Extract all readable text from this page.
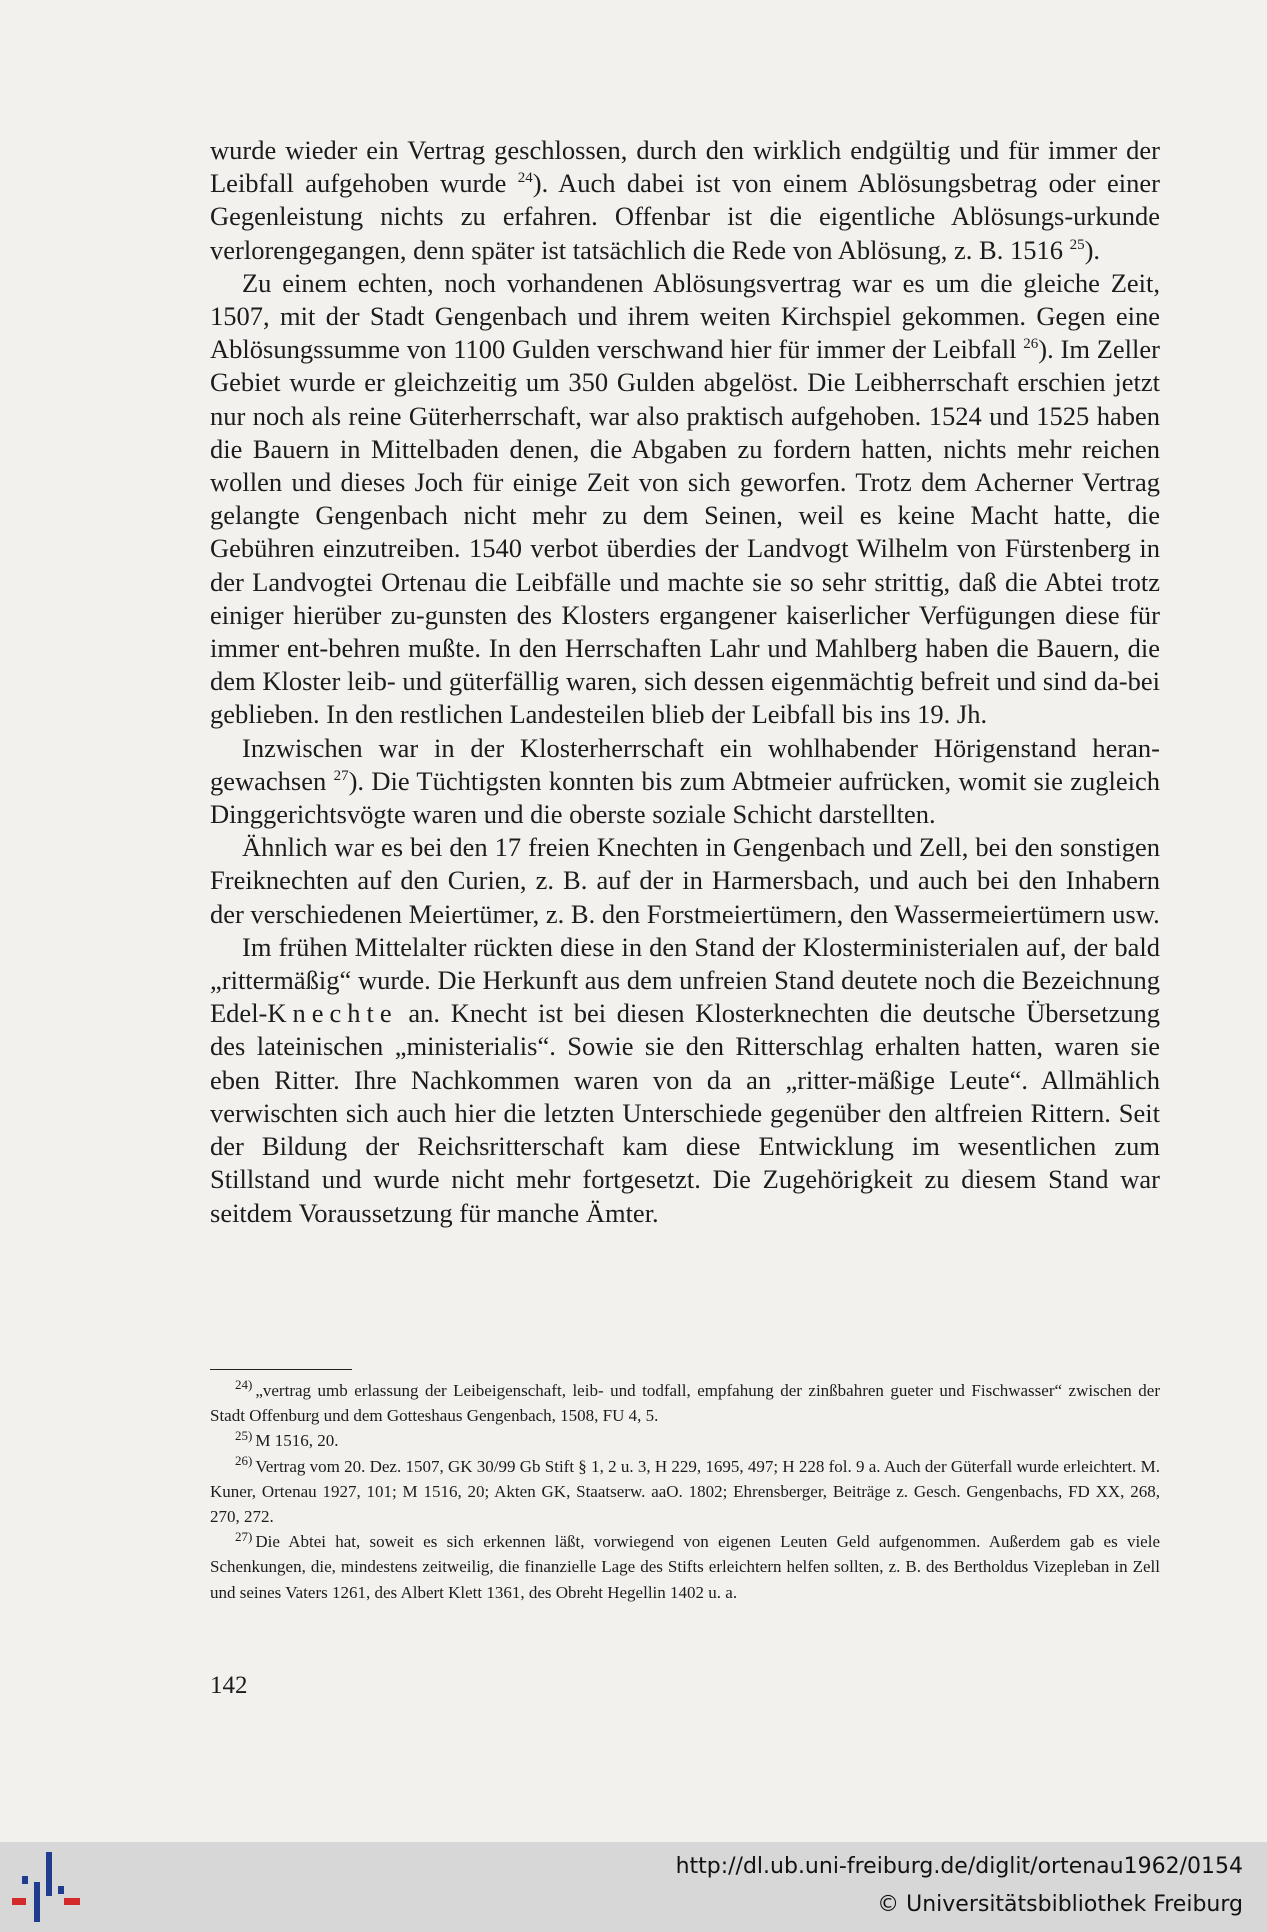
wurde wieder ein Vertrag geschlossen, durch den wirklich endgültig und für immer der Leibfall aufgehoben wurde $^{24}$). Auch dabei ist von einem Ablösungsbetrag oder einer Gegenleistung nichts zu erfahren. Offenbar ist die eigentliche Ablösungs-urkunde verlorengegangen, denn später ist tatsächlich die Rede von Ablösung, z. B. 1516 $^{25}$).

Zu einem echten, noch vorhandenen Ablösungsvertrag war es um die gleiche Zeit, 1507, mit der Stadt Gengenbach und ihrem weiten Kirchspiel gekommen. Gegen eine Ablösungssumme von 1100 Gulden verschwand hier für immer der Leibfall $^{26}$). Im Zeller Gebiet wurde er gleichzeitig um 350 Gulden abgelöst. Die Leibherrschaft erschien jetzt nur noch als reine Güterherrschaft, war also praktisch aufgehoben. 1524 und 1525 haben die Bauern in Mittelbaden denen, die Abgaben zu fordern hatten, nichts mehr reichen wollen und dieses Joch für einige Zeit von sich geworfen. Trotz dem Acherner Vertrag gelangte Gengenbach nicht mehr zu dem Seinen, weil es keine Macht hatte, die Gebühren einzutreiben. 1540 verbot überdies der Landvogt Wilhelm von Fürstenberg in der Landvogtei Ortenau die Leibfälle und machte sie so sehr strittig, daß die Abtei trotz einiger hierüber zu-gunsten des Klosters ergangener kaiserlicher Verfügungen diese für immer ent-behren mußte. In den Herrschaften Lahr und Mahlberg haben die Bauern, die dem Kloster leib- und güterfällig waren, sich dessen eigenmächtig befreit und sind da-bei geblieben. In den restlichen Landesteilen blieb der Leibfall bis ins 19. Jh.

Inzwischen war in der Klosterherrschaft ein wohlhabender Hörigenstand heran-gewachsen $^{27}$). Die Tüchtigsten konnten bis zum Abtmeier aufrücken, womit sie zugleich Dinggerichtsvögte waren und die oberste soziale Schicht darstellten.

Ähnlich war es bei den 17 freien Knechten in Gengenbach und Zell, bei den sonstigen Freiknechten auf den Curien, z. B. auf der in Harmersbach, und auch bei den Inhabern der verschiedenen Meiertümer, z. B. den Forstmeiertümern, den Wassermeiertümern usw.

Im frühen Mittelalter rückten diese in den Stand der Klosterministerialen auf, der bald „rittermäßig“ wurde. Die Herkunft aus dem unfreien Stand deutete noch die Bezeichnung Edel-Knechte an. Knecht ist bei diesen Klosterknechten die deutsche Übersetzung des lateinischen „ministerialis“. Sowie sie den Ritterschlag erhalten hatten, waren sie eben Ritter. Ihre Nachkommen waren von da an „ritter-mäßige Leute“. Allmählich verwischten sich auch hier die letzten Unterschiede gegenüber den altfreien Rittern. Seit der Bildung der Reichsritterschaft kam diese Entwicklung im wesentlichen zum Stillstand und wurde nicht mehr fortgesetzt. Die Zugehörigkeit zu diesem Stand war seitdem Voraussetzung für manche Ämter.

$^{24)}$ „vertrag umb erlassung der Leibeigenschaft, leib- und todfall, empfahung der zinßbahren gueter und Fischwasser“ zwischen der Stadt Offenburg und dem Gotteshaus Gengenbach, 1508, FU 4, 5.

$^{25)}$ M 1516, 20.

$^{26)}$ Vertrag vom 20. Dez. 1507, GK 30/99 Gb Stift § 1, 2 u. 3, H 229, 1695, 497; H 228 fol. 9 a. Auch der Güterfall wurde erleichtert. M. Kuner, Ortenau 1927, 101; M 1516, 20; Akten GK, Staatserw. aaO. 1802; Ehrensberger, Beiträge z. Gesch. Gengenbachs, FD XX, 268, 270, 272.

$^{27)}$ Die Abtei hat, soweit es sich erkennen läßt, vorwiegend von eigenen Leuten Geld aufgenommen. Außerdem gab es viele Schenkungen, die, mindestens zeitweilig, die finanzielle Lage des Stifts erleichtern helfen sollten, z. B. des Bertholdus Vizepleban in Zell und seines Vaters 1261, des Albert Klett 1361, des Obreht Hegellin 1402 u. a.

142
http://dl.ub.uni-freiburg.de/diglit/ortenau1962/0154
© Universitätsbibliothek Freiburg
